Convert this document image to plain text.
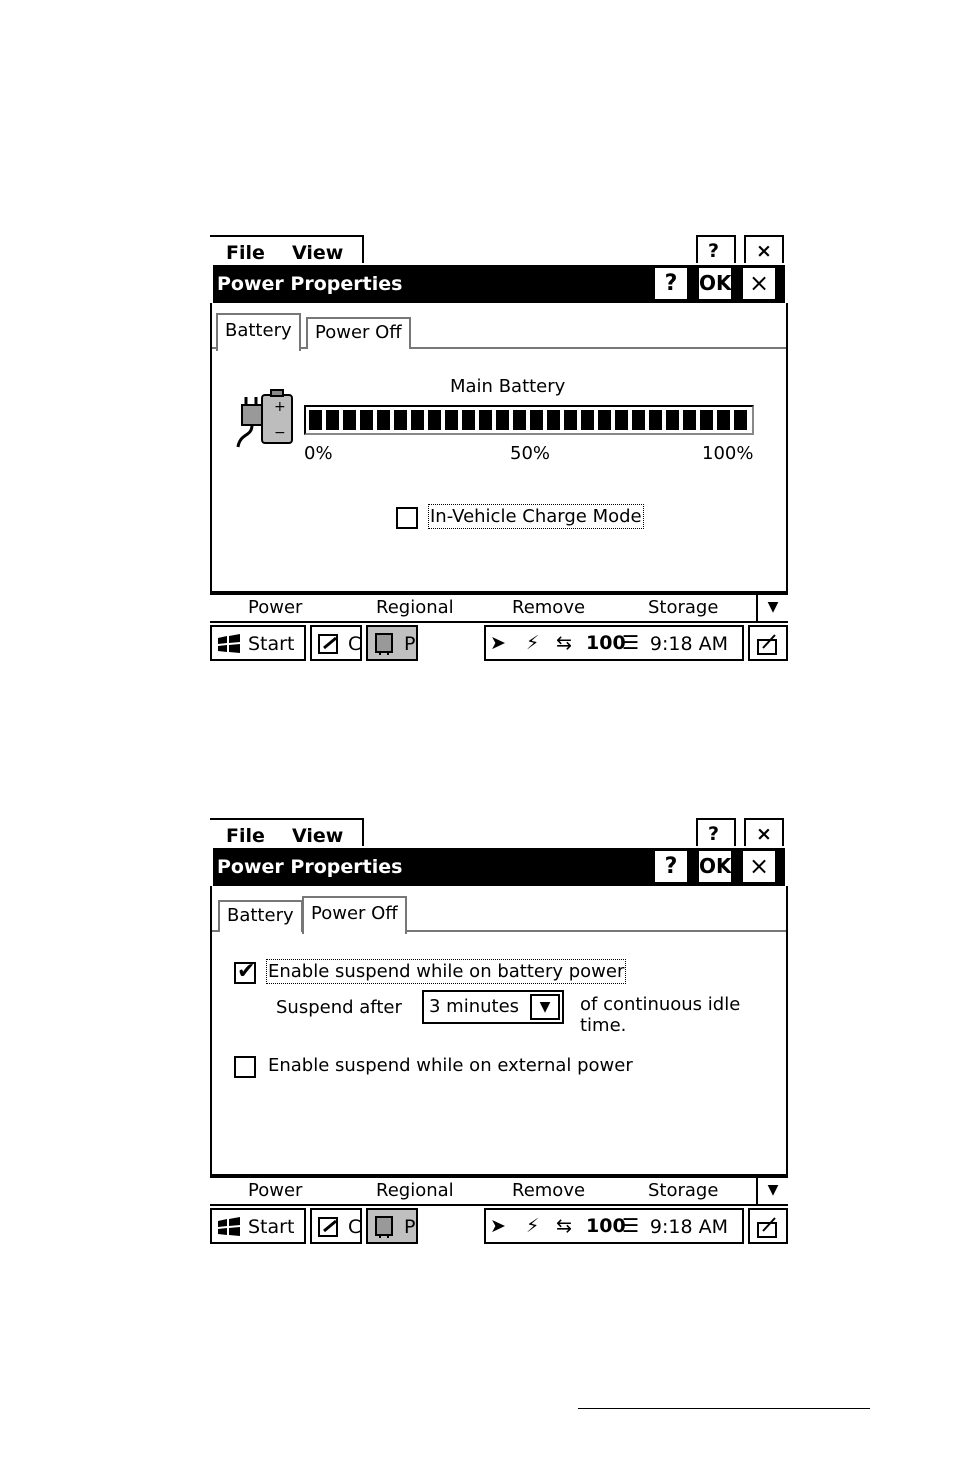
File View	? ×
Power Properties	?	OK ×
Battery	Power Off
Main Battery
+
−
0%	50%	100%
In-Vehicle Charge Mode
Power	Regional	Remove	Storage	▼
Start	C P	➤ ⚡ ⇆ 100
☰ 9:18 AM
File View	? ×
Power Properties	?	OK ×
Battery Power Off
✔ Enable suspend while on battery power
Suspend after 3 minutes	▼	of continuous idle time.
Enable suspend while on external power
Power	Regional	Remove	Storage	▼
Start	C P	➤ ⚡ ⇆ 100
☰ 9:18 AM
